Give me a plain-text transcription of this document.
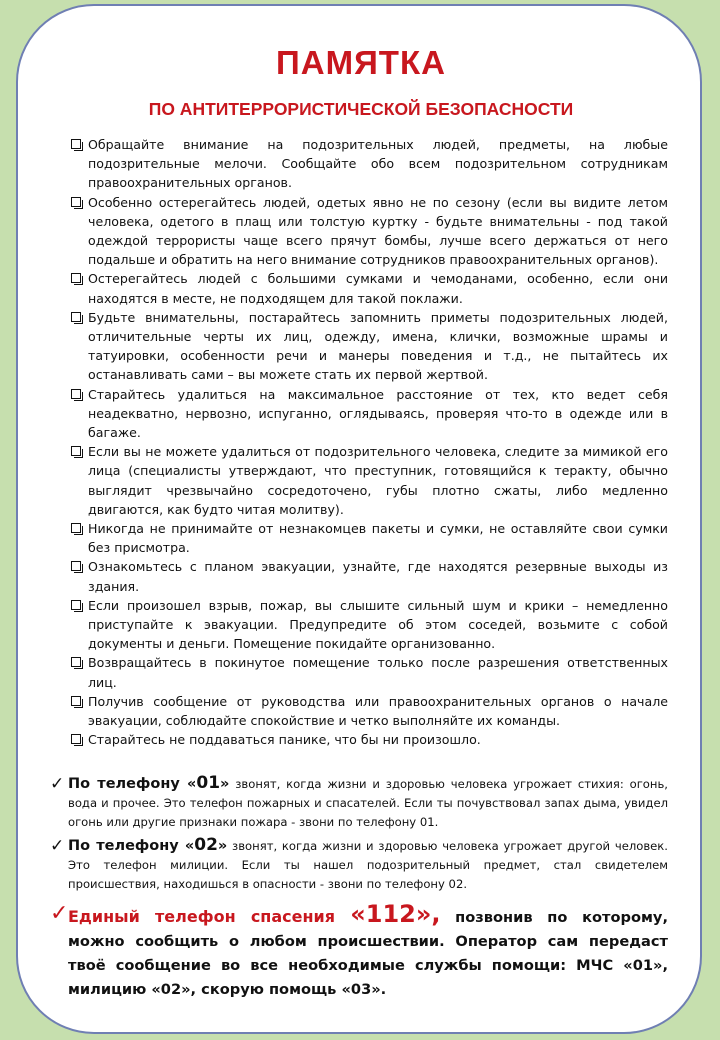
ПАМЯТКА
ПО АНТИТЕРРОРИСТИЧЕСКОЙ БЕЗОПАСНОСТИ
Обращайте внимание на подозрительных людей, предметы, на любые подозрительные мелочи. Сообщайте обо всем подозрительном сотрудникам правоохранительных органов.
Особенно остерегайтесь людей, одетых явно не по сезону (если вы видите летом человека, одетого в плащ или толстую куртку - будьте внимательны - под такой одеждой террористы чаще всего прячут бомбы, лучше всего держаться от него подальше и обратить на него внимание сотрудников правоохранительных органов).
Остерегайтесь людей с большими сумками и чемоданами, особенно, если они находятся в месте, не подходящем для такой поклажи.
Будьте внимательны, постарайтесь запомнить приметы подозрительных людей, отличительные черты их лиц, одежду, имена, клички, возможные шрамы и татуировки, особенности речи и манеры поведения и т.д., не пытайтесь их останавливать сами – вы можете стать их первой жертвой.
Старайтесь удалиться на максимальное расстояние от тех, кто ведет себя неадекватно, нервозно, испуганно, оглядываясь, проверяя что-то в одежде или в багаже.
Если вы не можете удалиться от подозрительного человека, следите за мимикой его лица (специалисты утверждают, что преступник, готовящийся к теракту, обычно выглядит чрезвычайно сосредоточено, губы плотно сжаты, либо медленно двигаются, как будто читая молитву).
Никогда не принимайте от незнакомцев пакеты и сумки, не оставляйте свои сумки без присмотра.
Ознакомьтесь с планом эвакуации, узнайте, где находятся резервные выходы из здания.
Если произошел взрыв, пожар, вы слышите сильный шум и крики – немедленно приступайте к эвакуации. Предупредите об этом соседей, возьмите с собой документы и деньги. Помещение покидайте организованно.
Возвращайтесь в покинутое помещение только после разрешения ответственных лиц.
Получив сообщение от руководства или правоохранительных органов о начале эвакуации, соблюдайте спокойствие и четко выполняйте их команды.
Старайтесь не поддаваться панике, что бы ни произошло.
✓ По телефону «01» звонят, когда жизни и здоровью человека угрожает стихия: огонь, вода и прочее. Это телефон пожарных и спасателей. Если ты почувствовал запах дыма, увидел огонь или другие признаки пожара - звони по телефону 01.
✓ По телефону «02» звонят, когда жизни и здоровью человека угрожает другой человек. Это телефон милиции. Если ты нашел подозрительный предмет, стал свидетелем происшествия, находишься в опасности - звони по телефону 02.
✓ Единый телефон спасения «112», позвонив по которому, можно сообщить о любом происшествии. Оператор сам передаст твоё сообщение во все необходимые службы помощи: МЧС «01», милицию «02», скорую помощь «03».
